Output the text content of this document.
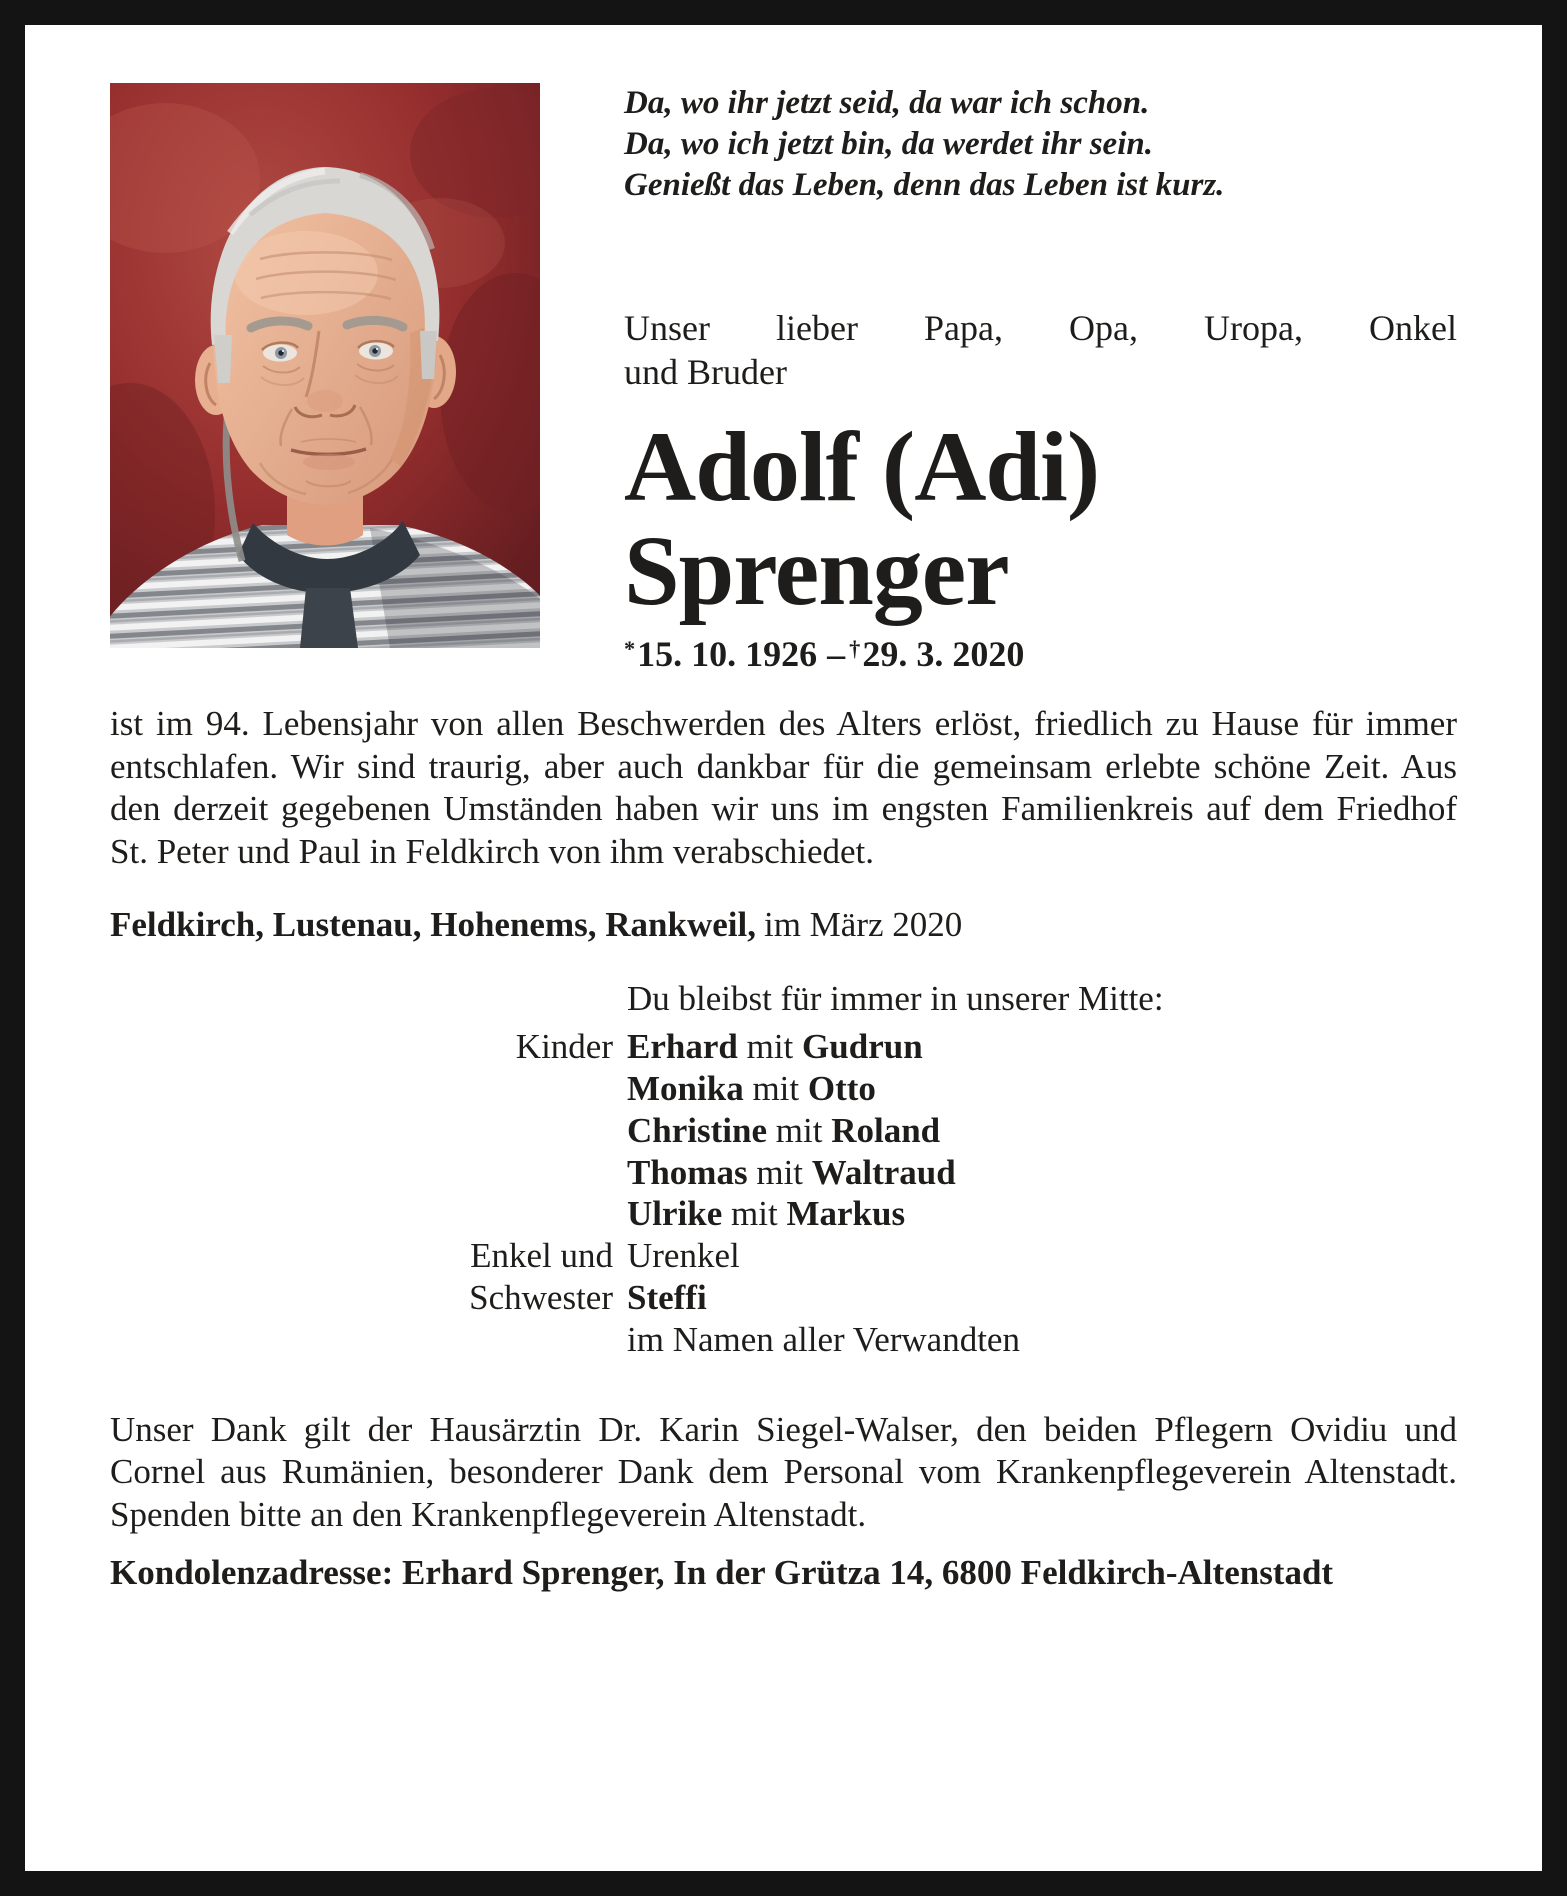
Da, wo ihr jetzt seid, da war ich schon.
Da, wo ich jetzt bin, da werdet ihr sein.
Genießt das Leben, denn das Leben ist kurz.
Unser lieber Papa, Opa, Uropa, Onkel
und Bruder
Adolf (Adi)
Sprenger
*15. 10. 1926 – †29. 3. 2020

ist im 94. Lebensjahr von allen Beschwerden des Alters erlöst, friedlich zu Hause für immer entschlafen. Wir sind traurig, aber auch dankbar für die gemeinsam erlebte schöne Zeit. Aus den derzeit gegebenen Umständen haben wir uns im engsten Familienkreis auf dem Friedhof St. Peter und Paul in Feldkirch von ihm verabschiedet.

Feldkirch, Lustenau, Hohenems, Rankweil, im März 2020

Du bleibst für immer in unserer Mitte:
Kinder Erhard mit Gudrun
Monika mit Otto
Christine mit Roland
Thomas mit Waltraud
Ulrike mit Markus
Enkel und Urenkel
Schwester Steffi
im Namen aller Verwandten

Unser Dank gilt der Hausärztin Dr. Karin Siegel-Walser, den beiden Pflegern Ovidiu und Cornel aus Rumänien, besonderer Dank dem Personal vom Krankenpflegeverein Altenstadt. Spenden bitte an den Krankenpflegeverein Altenstadt.

Kondolenzadresse: Erhard Sprenger, In der Grütza 14, 6800 Feldkirch-Altenstadt
